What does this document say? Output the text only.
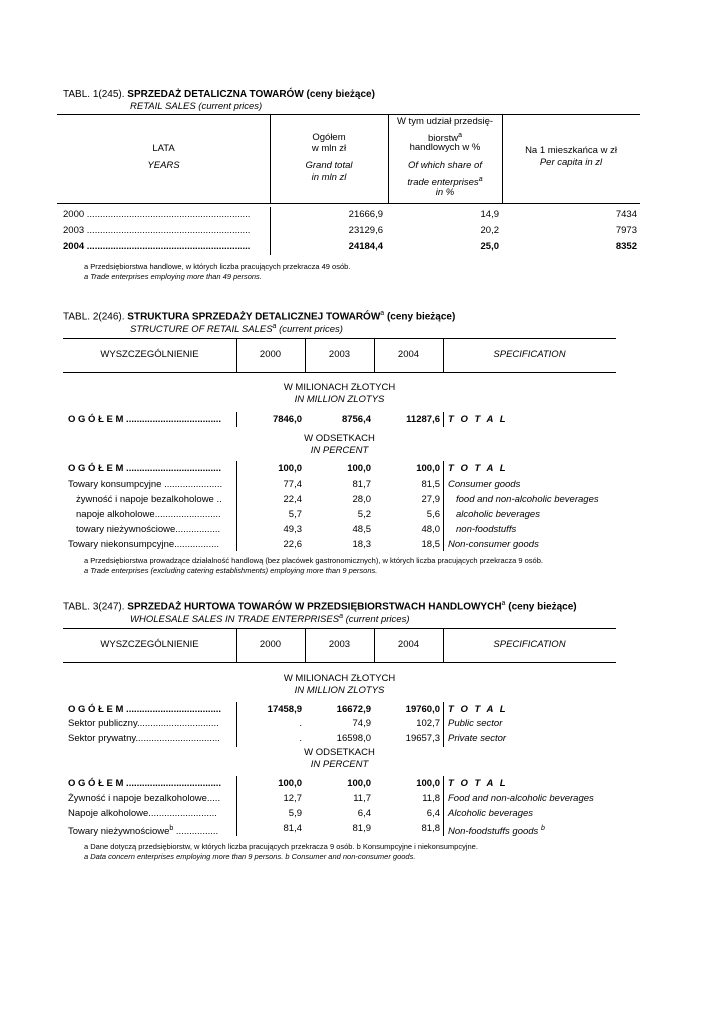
TABL. 1(245). SPRZEDAŻ DETALICZNA TOWARÓW (ceny bieżące)
RETAIL SALES (current prices)
LATA
YEARS
Ogółem
w mln zł
Grand total
in mln zl
W tym udział przedsię-
biorstw$^a$
handlowych w %
Of which share of
trade enterprises$^a$
in %
Na 1 mieszkańca w zł
Per capita in zl
2000 ..............................................................	21666,9	14,9	7434
2003 ..............................................................	23129,6	20,2	7973
2004 ..............................................................	24184,4	25,0	8352
a Przedsiębiorstwa handlowe, w których liczba pracujących przekracza 49 osób.
a Trade enterprises employing more than 49 persons.
TABL. 2(246). STRUKTURA SPRZEDAŻY DETALICZNEJ TOWARÓW$^a$ (ceny bieżące)
STRUCTURE OF RETAIL SALES$^a$ (current prices)
WYSZCZEGÓLNIENIE	2000	2003	2004	SPECIFICATION
W MILIONACH ZŁOTYCH
IN MILLION ZLOTYS
O G Ó Ł E M ....................................	7846,0	8756,4	11287,6 T O T A L
W ODSETKACH
IN PERCENT
O G Ó Ł E M ....................................	100,0	100,0	100,0 T O T A L
Towary konsumpcyjne ......................	77,4	81,7	81,5 Consumer goods
żywność i napoje bezalkoholowe ..	22,4	28,0	27,9 food and non-alcoholic beverages
napoje alkoholowe.........................	5,7	5,2	5,6 alcoholic beverages
towary nieżywnościowe.................	49,3	48,5	48,0 non-foodstuffs
Towary niekonsumpcyjne.................	22,6	18,3	18,5 Non-consumer goods
a Przedsiębiorstwa prowadzące działalność handlową (bez placówek gastronomicznych), w których liczba pracujących przekracza 9 osób.
a Trade enterprises (excluding catering establishments) employing more than 9 persons.
TABL. 3(247). SPRZEDAŻ HURTOWA TOWARÓW W PRZEDSIĘBIORSTWACH HANDLOWYCH$^a$ (ceny bieżące)
WHOLESALE SALES IN TRADE ENTERPRISES$^a$ (current prices)
WYSZCZEGÓLNIENIE	2000	2003	2004	SPECIFICATION
W MILIONACH ZŁOTYCH
IN MILLION ZLOTYS
O G Ó Ł E M ....................................	17458,9	16672,9	19760,0 T O T A L
Sektor publiczny...............................	.	74,9	102,7 Public sector
Sektor prywatny................................	.	16598,0	19657,3 Private sector
W ODSETKACH
IN PERCENT
O G Ó Ł E M ....................................	100,0	100,0	100,0 T O T A L
Żywność i napoje bezalkoholowe.....	12,7	11,7	11,8 Food and non-alcoholic beverages
Napoje alkoholowe..........................	5,9	6,4	6,4 Alcoholic beverages
Towary nieżywnościowe$^b$ ................	81,4	81,9	81,8 Non-foodstuffs goods $^b$
a Dane dotyczą przedsiębiorstw, w których liczba pracujących przekracza 9 osób. b Konsumpcyjne i niekonsumpcyjne.
a Data concern enterprises employing more than 9 persons. b Consumer and non-consumer goods.
